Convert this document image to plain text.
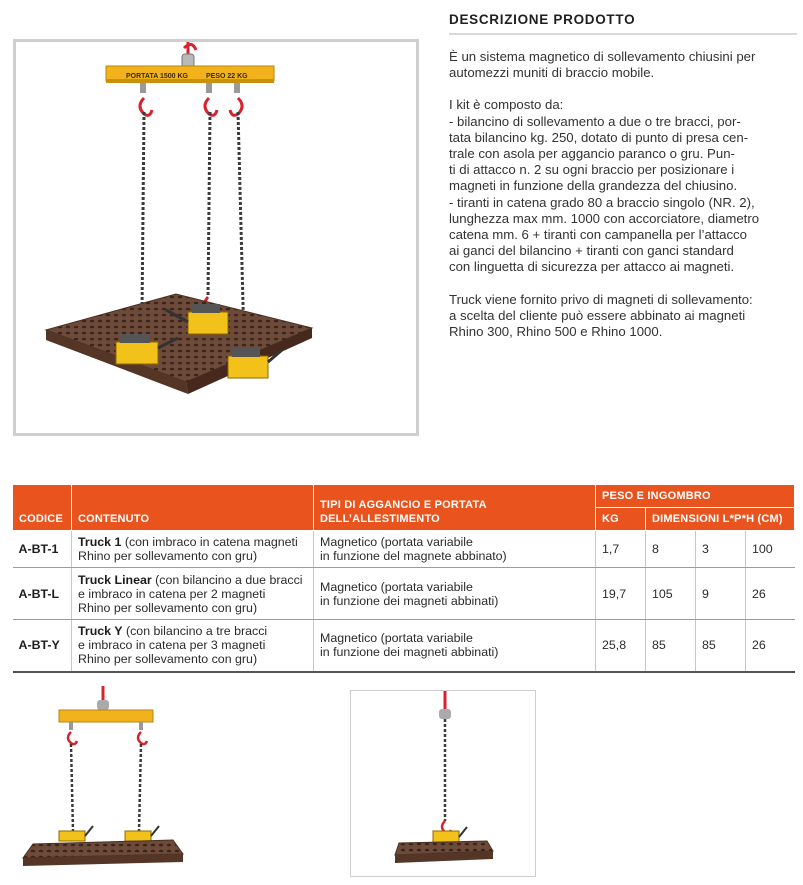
PORTATA 1500 KG	PESO 22 KG
DESCRIZIONE PRODOTTO

È un sistema magnetico di sollevamento chiusini per
automezzi muniti di braccio mobile.

I kit è composto da:
- bilancino di sollevamento a due o tre bracci, por-
tata bilancino kg. 250, dotato di punto di presa cen-
trale con asola per aggancio paranco o gru. Pun-
ti di attacco n. 2 su ogni braccio per posizionare i
magneti in funzione della grandezza del chiusino.
- tiranti in catena grado 80 a braccio singolo (NR. 2),
lunghezza max mm. 1000 con accorciatore, diametro
catena mm. 6 + tiranti con campanella per l’attacco
ai ganci del bilancino + tiranti con ganci standard
con linguetta di sicurezza per attacco ai magneti.

Truck viene fornito privo di magneti di sollevamento:
a scelta del cliente può essere abbinato ai magneti
Rhino 300, Rhino 500 e Rhino 1000.

CODICE	CONTENUTO	TIPI DI AGGANCIO E PORTATA DELL’ALLESTIMENTO	PESO E INGOMBRO			
			KG	DIMENSIONI L*P*H (CM)		
A-BT-1	Truck 1 (con imbraco in catena magneti
Rhino per sollevamento con gru)	Magnetico (portata variabile
in funzione del magnete abbinato)	1,7	8	3	100
A-BT-L	Truck Linear (con bilancino a due bracci
e imbraco in catena per 2 magneti
Rhino per sollevamento con gru)	Magnetico (portata variabile
in funzione dei magneti abbinati)	19,7	105	9	26
A-BT-Y	Truck Y (con bilancino a tre bracci
e imbraco in catena per 3 magneti
Rhino per sollevamento con gru)	Magnetico (portata variabile
in funzione dei magneti abbinati)	25,8	85	85	26
